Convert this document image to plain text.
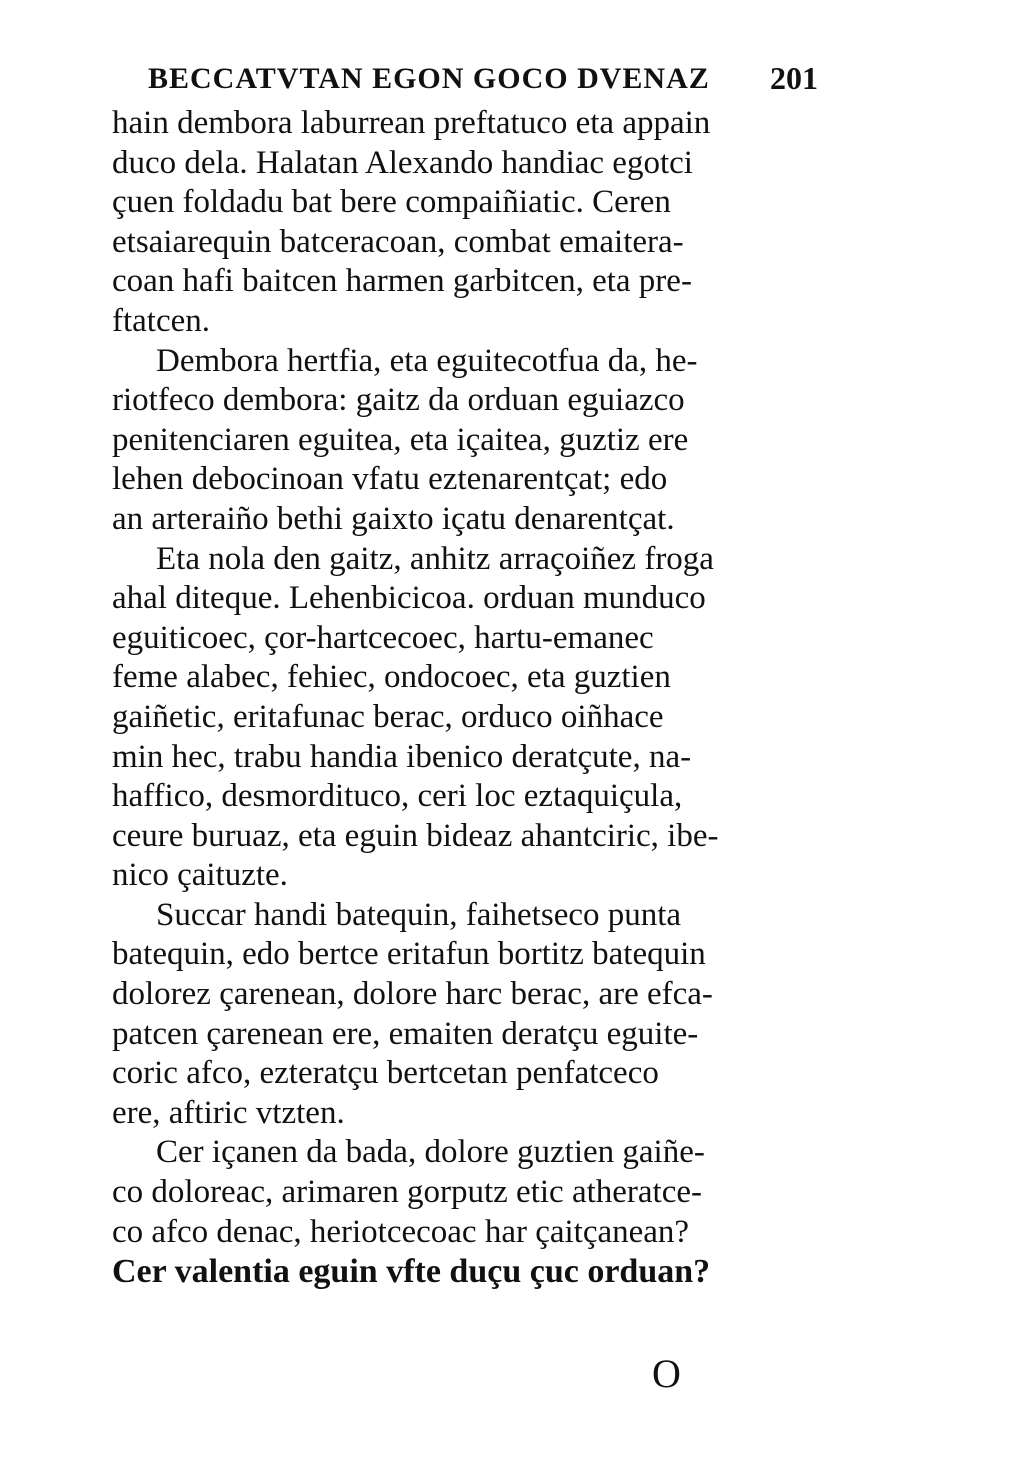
BECCATVTAN EGON GOCO DVENAZ 201
hain dembora laburrean preftatuco eta appain
duco dela. Halatan Alexando handiac egotci
çuen foldadu bat bere compaiñiatic. Ceren
etsaiarequin batceracoan, combat emaitera-
coan hafi baitcen harmen garbitcen, eta pre-
ftatcen.
Dembora hertfia, eta eguitecotfua da, he-
riotfeco dembora: gaitz da orduan eguiazco
penitenciaren eguitea, eta içaitea, guztiz ere
lehen debocinoan vfatu eztenarentçat; edo
an arteraiño bethi gaixto içatu denarentçat.
Eta nola den gaitz, anhitz arraçoiñez froga
ahal diteque. Lehenbicicoa. orduan munduco
eguiticoec, çor-hartcecoec, hartu-emanec
feme alabec, fehiec, ondocoec, eta guztien
gaiñetic, eritafunac berac, orduco oiñhace
min hec, trabu handia ibenico deratçute, na-
haffico, desmorditucо, ceri loc eztaquiçula,
ceure buruaz, eta eguin bideaz ahantciric, ibe-
nico çaituzte.
Succar handi batequin, faihetseco punta
batequin, edo bertce eritafun bortitz batequin
dolorez çarenean, dolore harc berac, are efca-
patcen çarenean ere, emaiten deratçu eguite-
coric afco, ezteratçu bertcetan penfatceco
ere, aftiric vtzten.
Cer içanen da bada, dolore guztien gaiñe-
co doloreac, arimaren gorputz etic atheratce-
co afco denac, heriotcecoac har çaitçanean?
Cer valentia eguin vfte duçu çuc orduan?
O
